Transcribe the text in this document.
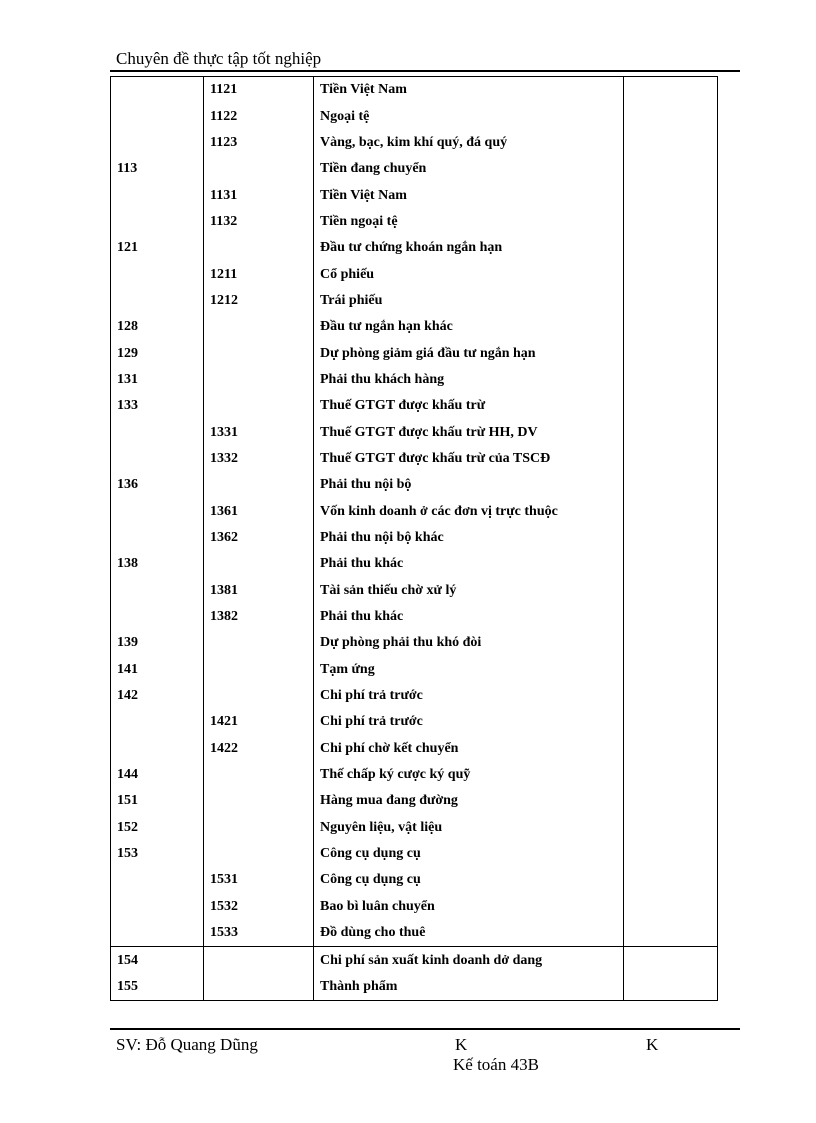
Chuyên đề thực tập tốt nghiệp
	1121	Tiền Việt Nam	
	1122	Ngoại tệ	
	1123	Vàng, bạc, kim khí quý, đá quý	
113		Tiền đang chuyển	
	1131	Tiền Việt Nam	
	1132	Tiền ngoại tệ	
121		Đầu tư chứng khoán ngắn hạn	
	1211	Cổ phiếu	
	1212	Trái phiếu	
128		Đầu tư ngắn hạn khác	
129		Dự phòng giảm giá đầu tư ngắn hạn	
131		Phải thu khách hàng	
133		Thuế GTGT được khấu trừ	
	1331	Thuế GTGT được khấu trừ HH, DV	
	1332	Thuế GTGT được khấu trừ của TSCĐ	
136		Phải thu nội bộ	
	1361	Vốn kinh doanh ở các đơn vị trực thuộc	
	1362	Phải thu nội bộ khác	
138		Phải thu khác	
	1381	Tài sản thiếu chờ xử lý	
	1382	Phải thu khác	
139		Dự phòng phải thu khó đòi	
141		Tạm ứng	
142		Chi phí trả trước	
	1421	Chi phí trả trước	
	1422	Chi phí chờ kết chuyển	
144		Thế chấp ký cược ký quỹ	
151		Hàng mua đang đường	
152		Nguyên liệu, vật liệu	
153		Công cụ dụng cụ	
	1531	Công cụ dụng cụ	
	1532	Bao bì luân chuyển	
	1533	Đồ dùng cho thuê	
154		Chi phí sản xuất kinh doanh dở dang	
155		Thành phẩm	
SV: Đỗ Quang Dũng	K	K
Kế toán 43B
